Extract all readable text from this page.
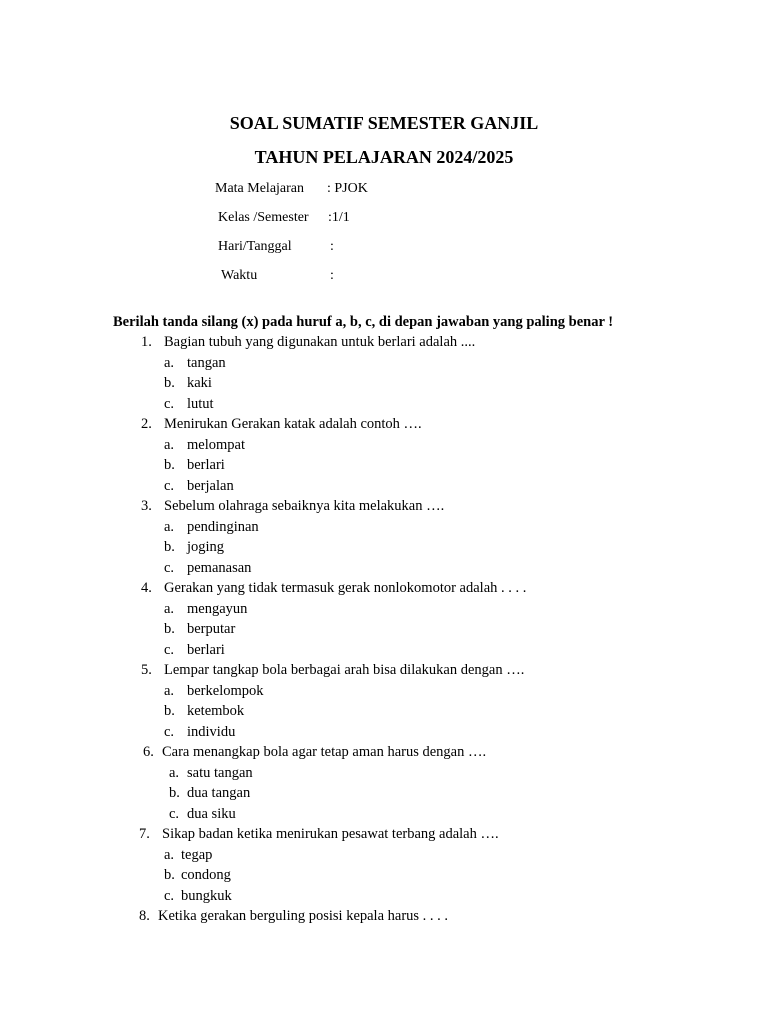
SOAL SUMATIF SEMESTER GANJIL
TAHUN PELAJARAN 2024/2025
Mata Melajaran : PJOK
Kelas /Semester :1/1
Hari/Tanggal	:
Waktu	:
Berilah tanda silang (x) pada huruf a, b, c, di depan jawaban yang paling benar !
1. Bagian tubuh yang digunakan untuk berlari adalah ....
a. tangan
b. kaki
c. lutut
2. Menirukan Gerakan katak adalah contoh ….
a. melompat
b. berlari
c. berjalan
3. Sebelum olahraga sebaiknya kita melakukan ….
a. pendinginan
b. joging
c. pemanasan
4. Gerakan yang tidak termasuk gerak nonlokomotor adalah . . . .
a. mengayun
b. berputar
c. berlari
5. Lempar tangkap bola berbagai arah bisa dilakukan dengan ….
a. berkelompok
b. ketembok
c. individu
6. Cara menangkap bola agar tetap aman harus dengan ….
a. satu tangan
b. dua tangan
c. dua siku
7. Sikap badan ketika menirukan pesawat terbang adalah ….
a. tegap
b. condong
c. bungkuk
8. Ketika gerakan berguling posisi kepala harus . . . .
